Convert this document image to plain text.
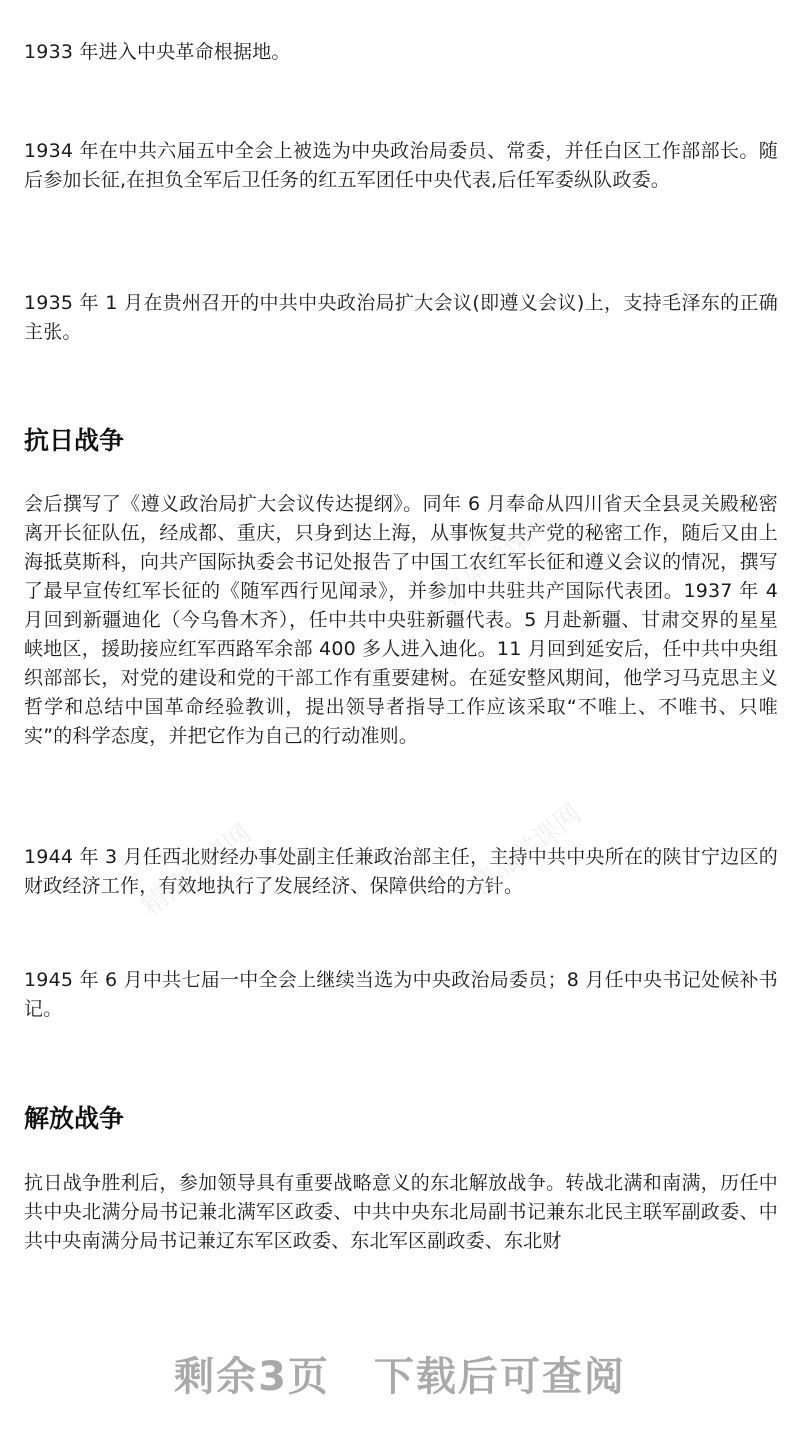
1933 年进入中央革命根据地。

1934 年在中共六届五中全会上被选为中央政治局委员、常委，并任白区工作部部长。随后参加长征,在担负全军后卫任务的红五军团任中央代表,后任军委纵队政委。

1935 年 1 月在贵州召开的中共中央政治局扩大会议(即遵义会议)上，支持毛泽东的正确主张。

抗日战争

会后撰写了《遵义政治局扩大会议传达提纲》。同年 6 月奉命从四川省天全县灵关殿秘密离开长征队伍，经成都、重庆，只身到达上海，从事恢复共产党的秘密工作，随后又由上海抵莫斯科，向共产国际执委会书记处报告了中国工农红军长征和遵义会议的情况，撰写了最早宣传红军长征的《随军西行见闻录》，并参加中共驻共产国际代表团。1937 年 4 月回到新疆迪化（今乌鲁木齐），任中共中央驻新疆代表。5 月赴新疆、甘肃交界的星星峡地区，援助接应红军西路军余部 400 多人进入迪化。11 月回到延安后，任中共中央组织部部长，对党的建设和党的干部工作有重要建树。在延安整风期间，他学习马克思主义哲学和总结中国革命经验教训，提出领导者指导工作应该采取“不唯上、不唯书、只唯实”的科学态度，并把它作为自己的行动准则。

1944 年 3 月任西北财经办事处副主任兼政治部主任，主持中共中央所在的陕甘宁边区的财政经济工作，有效地执行了发展经济、保障供给的方针。

1945 年 6 月中共七届一中全会上继续当选为中央政治局委员；8 月任中央书记处候补书记。

解放战争

抗日战争胜利后，参加领导具有重要战略意义的东北解放战争。转战北满和南满，历任中共中央北满分局书记兼北满军区政委、中共中央东北局副书记兼东北民主联军副政委、中共中央南满分局书记兼辽东军区政委、东北军区副政委、东北财

精品学课网
精品学课网	精品学课网
剩余3页 下载后可查阅
